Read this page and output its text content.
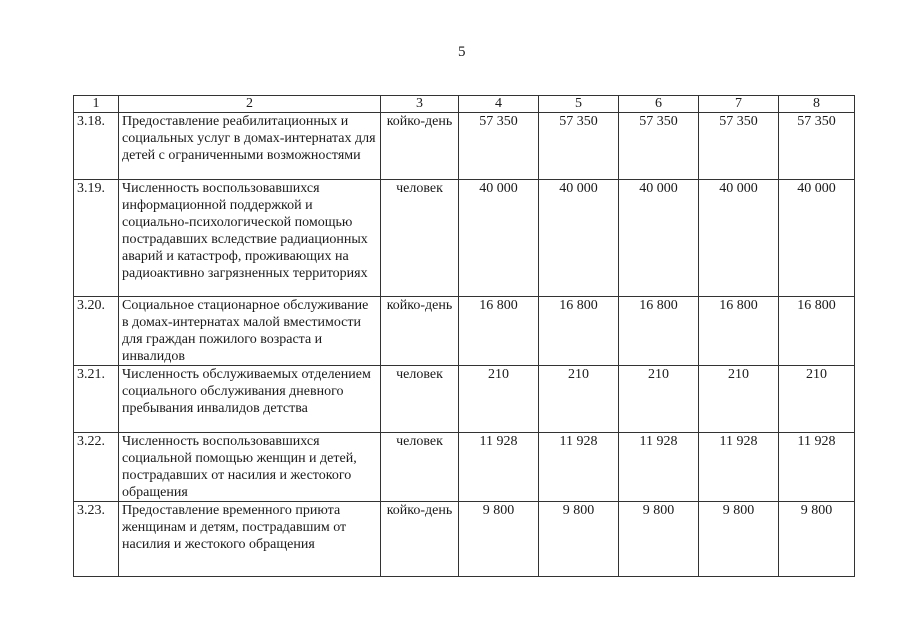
5
1	2	3	4	5	6	7	8
3.18.	Предоставление реабилитационных и социальных услуг в домах-интернатах для детей с ограниченными возможностями	койко-день	57 350	57 350	57 350	57 350	57 350
3.19.	Численность воспользовавшихся информационной поддержкой и социально-психологической помощью пострадавших вследствие радиационных аварий и катастроф, проживающих на радиоактивно загрязненных территориях	человек	40 000	40 000	40 000	40 000	40 000
3.20.	Социальное стационарное обслуживание в домах-интернатах малой вместимости для граждан пожилого возраста и инвалидов	койко-день	16 800	16 800	16 800	16 800	16 800
3.21.	Численность обслуживаемых отделением социального обслуживания дневного пребывания инвалидов детства	человек	210	210	210	210	210
3.22.	Численность воспользовавшихся социальной помощью женщин и детей, пострадавших от насилия и жестокого обращения	человек	11 928	11 928	11 928	11 928	11 928
3.23.	Предоставление временного приюта женщинам и детям, пострадавшим от насилия и жестокого обращения	койко-день	9 800	9 800	9 800	9 800	9 800
